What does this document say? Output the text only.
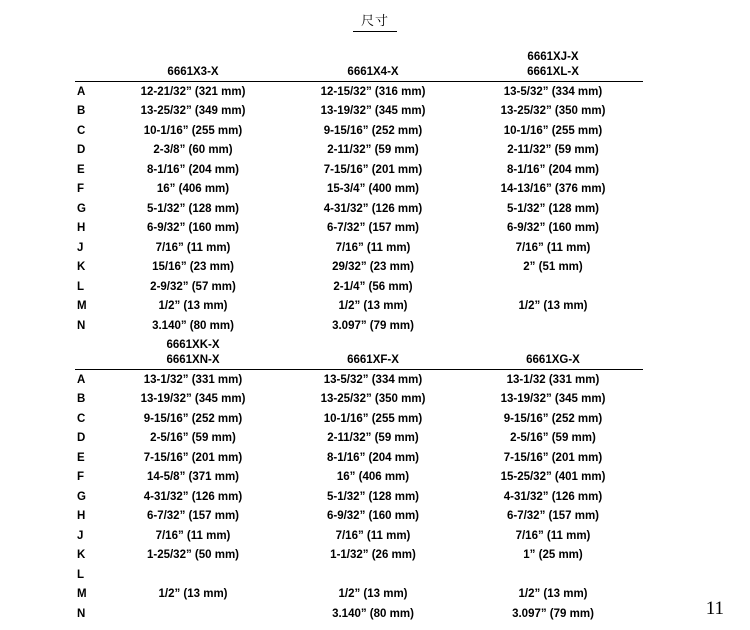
尺寸
			6661XJ-X
	6661X3-X	6661X4-X	6661XL-X

A	12-21/32” (321 mm)	12-15/32” (316 mm)	13-5/32” (334 mm)
B	13-25/32” (349 mm)	13-19/32” (345 mm)	13-25/32” (350 mm)
C	10-1/16” (255 mm)	9-15/16” (252 mm)	10-1/16” (255 mm)
D	2-3/8” (60 mm)	2-11/32” (59 mm)	2-11/32” (59 mm)
E	8-1/16” (204 mm)	7-15/16” (201 mm)	8-1/16” (204 mm)
F	16” (406 mm)	15-3/4” (400 mm)	14-13/16” (376 mm)
G	5-1/32” (128 mm)	4-31/32” (126 mm)	5-1/32” (128 mm)
H	6-9/32” (160 mm)	6-7/32” (157 mm)	6-9/32” (160 mm)
J	7/16” (11 mm)	7/16” (11 mm)	7/16” (11 mm)
K	15/16” (23 mm)	29/32” (23 mm)	2” (51 mm)
L	2-9/32” (57 mm)	2-1/4” (56 mm)	
M	1/2” (13 mm)	1/2” (13 mm)	1/2” (13 mm)
N	3.140” (80 mm)	3.097” (79 mm)	
	6661XK-X		
	6661XN-X	6661XF-X	6661XG-X

A	13-1/32” (331 mm)	13-5/32” (334 mm)	13-1/32 (331 mm)
B	13-19/32” (345 mm)	13-25/32” (350 mm)	13-19/32” (345 mm)
C	9-15/16” (252 mm)	10-1/16” (255 mm)	9-15/16” (252 mm)
D	2-5/16” (59 mm)	2-11/32” (59 mm)	2-5/16” (59 mm)
E	7-15/16” (201 mm)	8-1/16” (204 mm)	7-15/16” (201 mm)
F	14-5/8” (371 mm)	16” (406 mm)	15-25/32” (401 mm)
G	4-31/32” (126 mm)	5-1/32” (128 mm)	4-31/32” (126 mm)
H	6-7/32” (157 mm)	6-9/32” (160 mm)	6-7/32” (157 mm)
J	7/16” (11 mm)	7/16” (11 mm)	7/16” (11 mm)
K	1-25/32” (50 mm)	1-1/32” (26 mm)	1” (25 mm)
L			
M	1/2” (13 mm)	1/2” (13 mm)	1/2” (13 mm)
N		3.140” (80 mm)	3.097” (79 mm)	11
